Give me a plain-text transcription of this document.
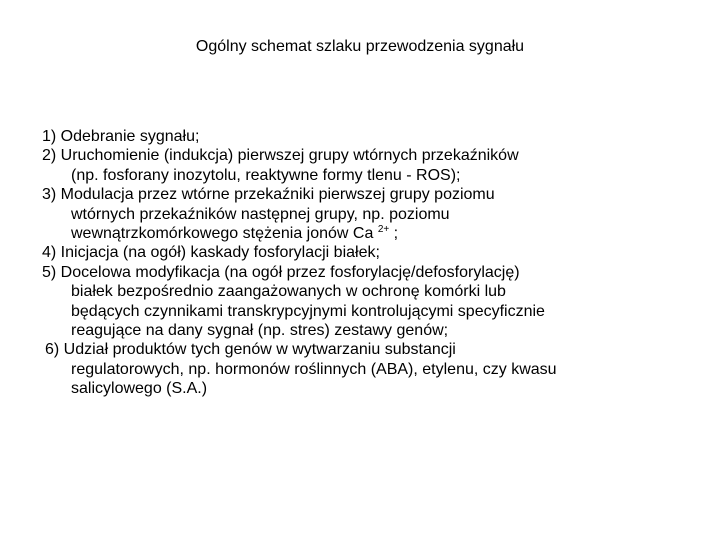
Ogólny schemat szlaku przewodzenia sygnału
1) Odebranie sygnału;
2) Uruchomienie (indukcja) pierwszej grupy wtórnych przekaźników
(np. fosforany inozytolu, reaktywne formy tlenu - ROS);
3) Modulacja przez wtórne przekaźniki pierwszej grupy poziomu
wtórnych przekaźników następnej grupy, np. poziomu
wewnątrzkomórkowego stężenia jonów Ca $^{2+}$ ;
4) Inicjacja (na ogół) kaskady fosforylacji białek;
5) Docelowa modyfikacja (na ogół przez fosforylację/defosforylację)
białek bezpośrednio zaangażowanych w ochronę komórki lub
będących czynnikami transkrypcyjnymi kontrolującymi specyficznie
reagujące na dany sygnał (np. stres) zestawy genów;
6) Udział produktów tych genów w wytwarzaniu substancji
regulatorowych, np. hormonów roślinnych (ABA), etylenu, czy kwasu
salicylowego (S.A.)
